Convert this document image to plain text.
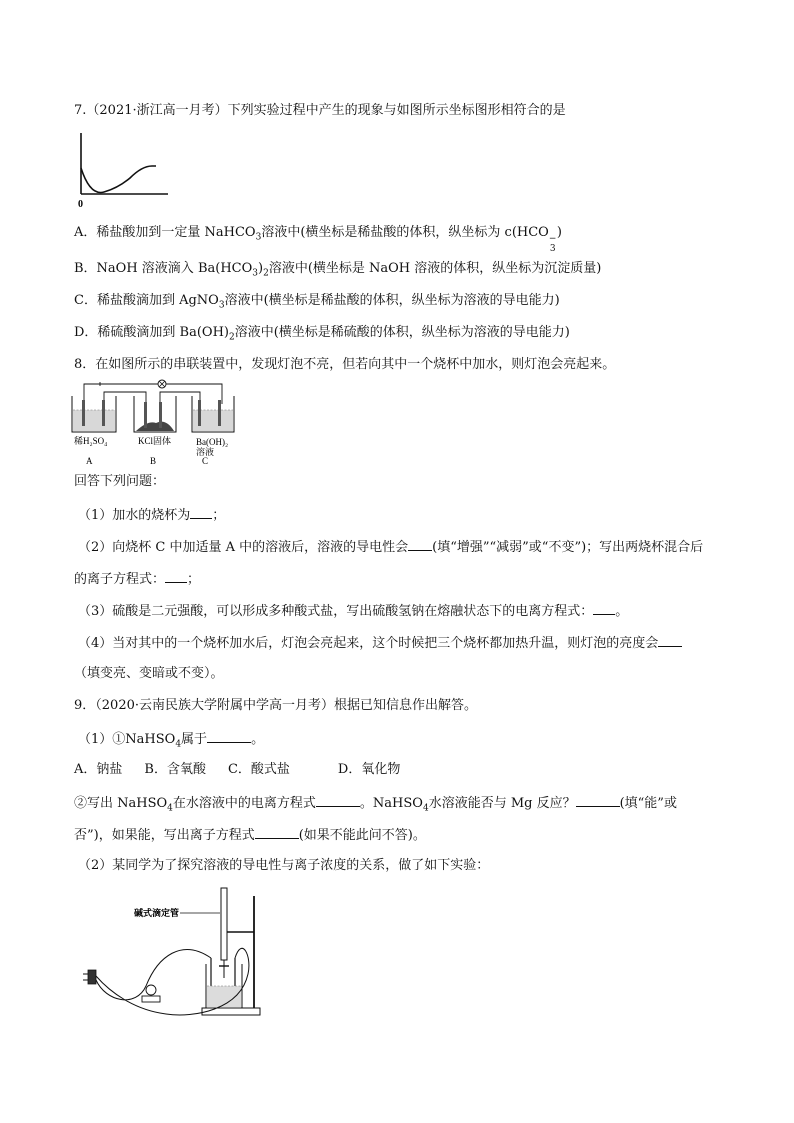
7.（2021·浙江高一月考）下列实验过程中产生的现象与如图所示坐标图形相符合的是
0
A．稀盐酸加到一定量 NaHCO$_3$溶液中(横坐标是稀盐酸的体积，纵坐标为 c(HCO −
3
)
B．NaOH 溶液滴入 $Ba(HCO_3)_2$溶液中(横坐标是 NaOH 溶液的体积，纵坐标为沉淀质量)
C．稀盐酸滴加到 AgNO$_3$溶液中(横坐标是稀盐酸的体积，纵坐标为溶液的导电能力)
D．稀硫酸滴加到 $Ba(OH)_2$溶液中(横坐标是稀硫酸的体积，纵坐标为溶液的导电能力)
8．在如图所示的串联装置中，发现灯泡不亮，但若向其中一个烧杯中加水，则灯泡会亮起来。
稀H₂SO₄	KCl固体	Ba(OH)₂
溶液
A	B	C
回答下列问题：
（1）加水的烧杯为 ；
（2）向烧杯 C 中加适量 A 中的溶液后，溶液的导电性会 (填“增强”“减弱”或“不变”)；写出两烧杯混合后
的离子方程式： ；
（3）硫酸是二元强酸，可以形成多种酸式盐，写出硫酸氢钠在熔融状态下的电离方程式： 。
（4）当对其中的一个烧杯加水后，灯泡会亮起来，这个时候把三个烧杯都加热升温，则灯泡的亮度会
（填变亮、变暗或不变）。
9．（2020·云南民族大学附属中学高一月考）根据已知信息作出解答。
（1）①NaHSO$_4$属于	。
A．钠盐 B．含氧酸 C．酸式盐	D．氧化物
②写出 NaHSO$_4$在水溶液中的电离方程式	。NaHSO$_4$水溶液能否与 Mg 反应？	(填“能”或
否”)，如果能，写出离子方程式	(如果不能此问不答)。
（2）某同学为了探究溶液的导电性与离子浓度的关系，做了如下实验：
碱式滴定管
